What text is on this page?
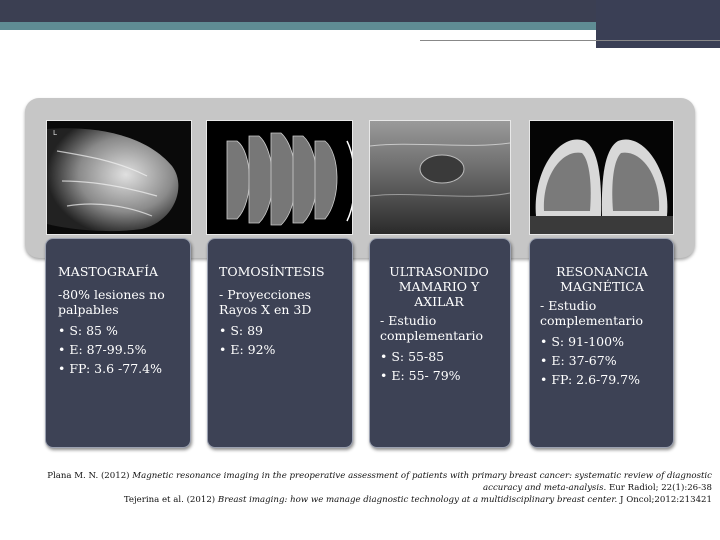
L
MASTOGRAFÍA
-80% lesiones no palpables
• S: 85 %
• E: 87-99.5%
• FP: 3.6 -77.4%
TOMOSÍNTESIS
- Proyecciones Rayos X en 3D
• S: 89
• E: 92%
ULTRASONIDO MAMARIO Y AXILAR
- Estudio complementario
• S: 55-85
• E: 55- 79%
RESONANCIA MAGNÉTICA
- Estudio complementario
• S: 91-100%
• E: 37-67%
• FP: 2.6-79.7%
Plana M. N. (2012) Magnetic resonance imaging in the preoperative assessment of patients with primary breast cancer: systematic review of diagnostic accuracy and meta-analysis. Eur Radiol; 22(1):26-38
Tejerina et al. (2012) Breast imaging: how we manage diagnostic technology at a multidisciplinary breast center. J Oncol;2012:213421
